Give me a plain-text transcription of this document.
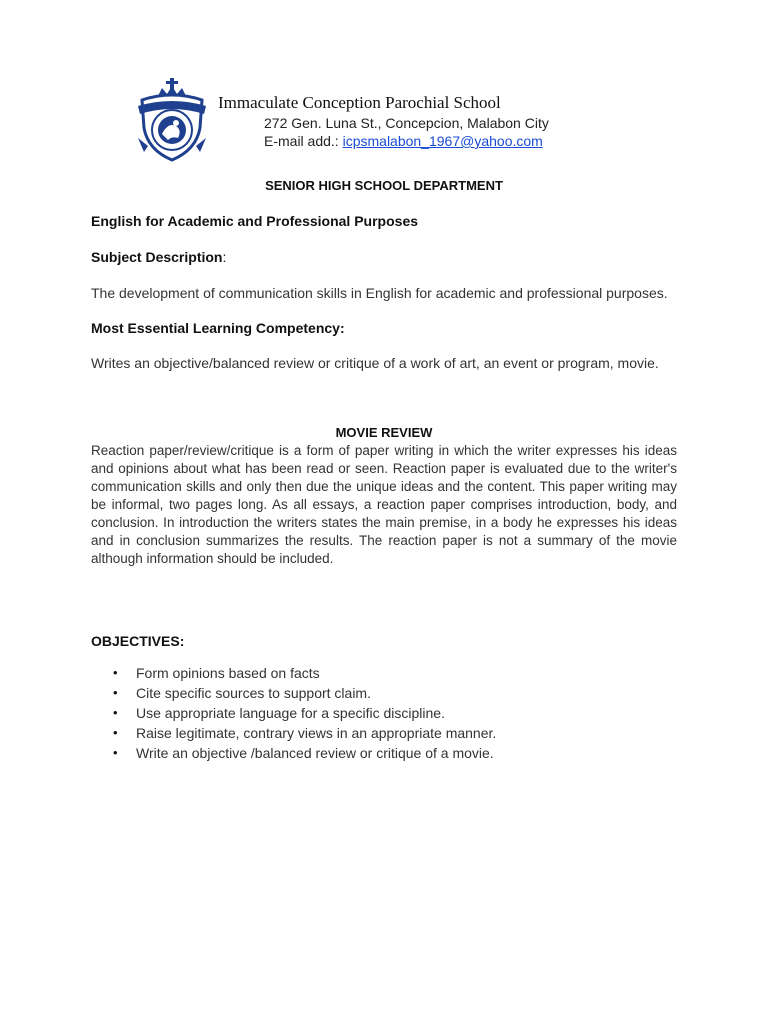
Immaculate Conception Parochial School
272 Gen. Luna St., Concepcion, Malabon City
E-mail add.: icpsmalabon_1967@yahoo.com
SENIOR HIGH SCHOOL DEPARTMENT
English for Academic and Professional Purposes
Subject Description:
The development of communication skills in English for academic and professional purposes.
Most Essential Learning Competency:
Writes an objective/balanced review or critique of a work of art, an event or program, movie.
MOVIE REVIEW
Reaction paper/review/critique is a form of paper writing in which the writer expresses his ideas and opinions about what has been read or seen. Reaction paper is evaluated due to the writer's communication skills and only then due the unique ideas and the content. This paper writing may be informal, two pages long. As all essays, a reaction paper comprises introduction, body, and conclusion. In introduction the writers states the main premise, in a body he expresses his ideas and in conclusion summarizes the results. The reaction paper is not a summary of the movie although information should be included.
OBJECTIVES:
• Form opinions based on facts
• Cite specific sources to support claim.
• Use appropriate language for a specific discipline.
• Raise legitimate, contrary views in an appropriate manner.
• Write an objective /balanced review or critique of a movie.
